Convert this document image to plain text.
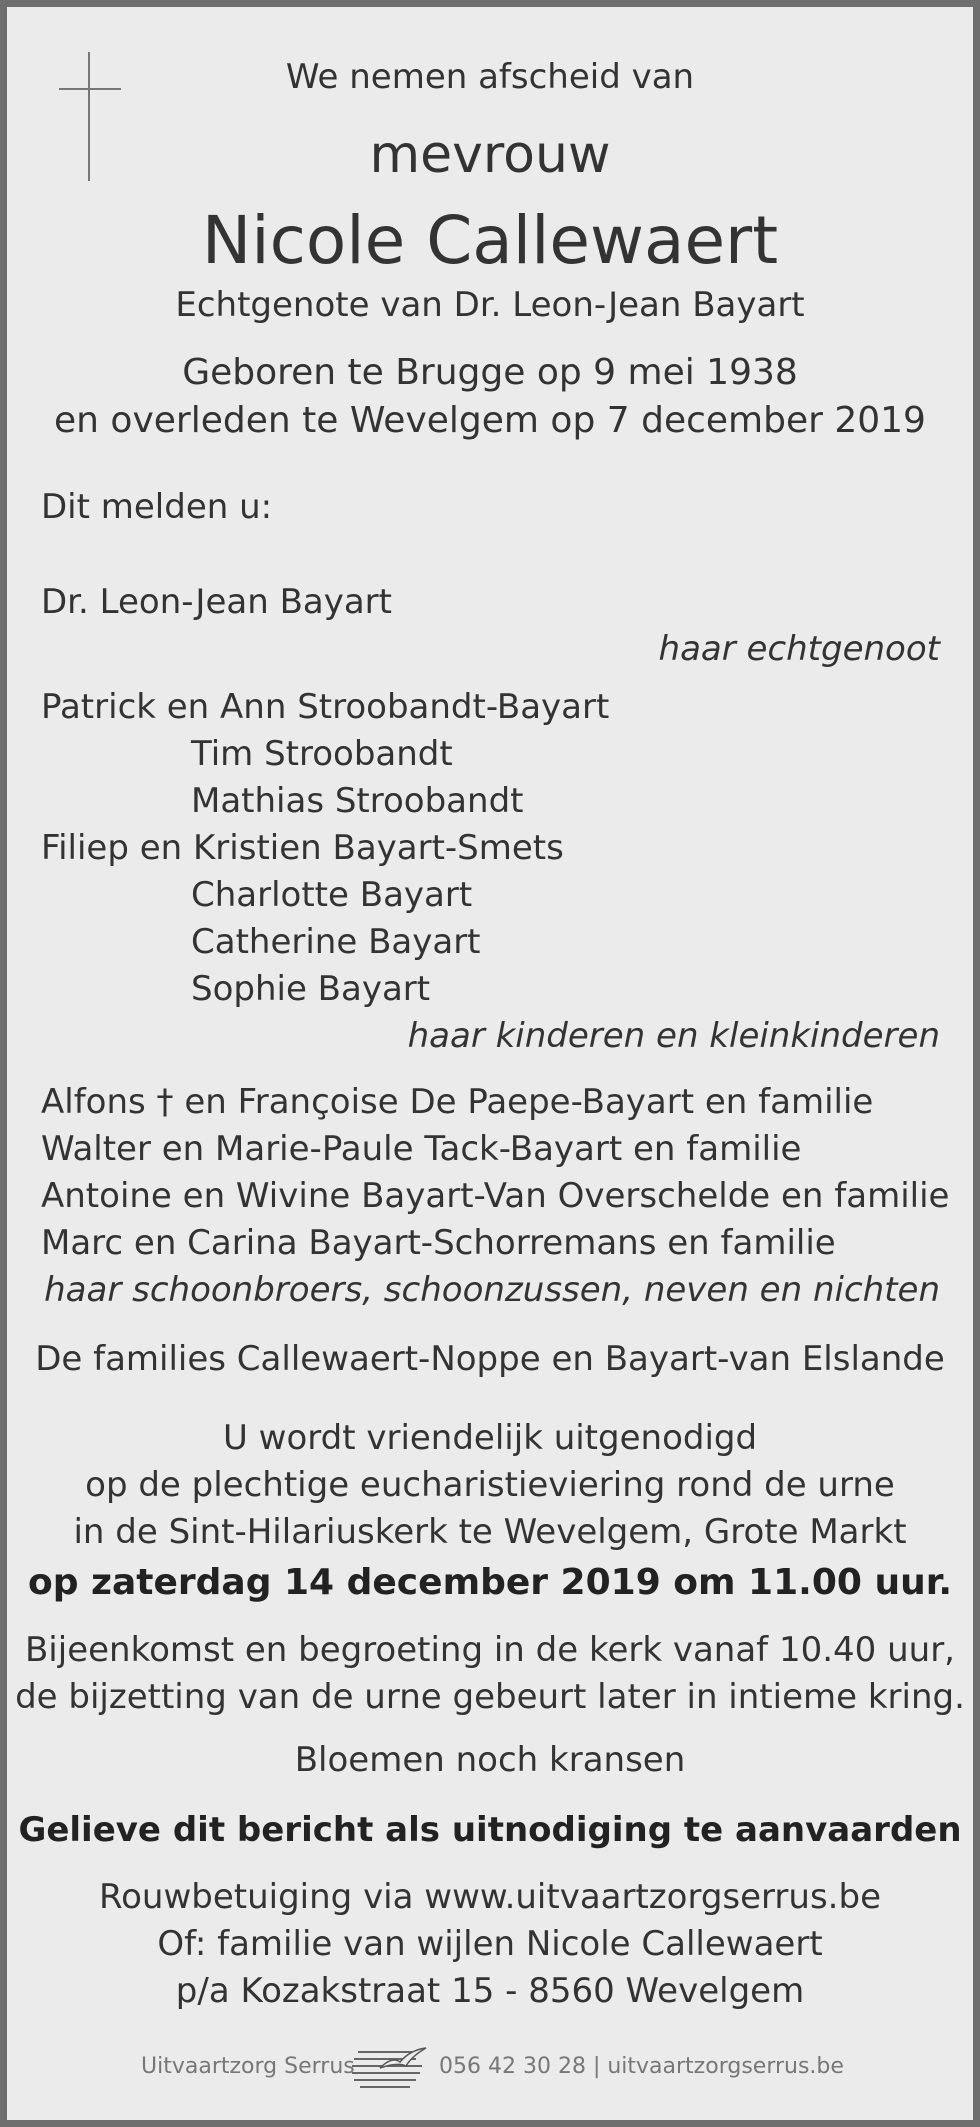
We nemen afscheid van
mevrouw
Nicole Callewaert
Echtgenote van Dr. Leon-Jean Bayart
Geboren te Brugge op 9 mei 1938
en overleden te Wevelgem op 7 december 2019
Dit melden u:
Dr. Leon-Jean Bayart
haar echtgenoot
Patrick en Ann Stroobandt-Bayart
Tim Stroobandt
Mathias Stroobandt
Filiep en Kristien Bayart-Smets
Charlotte Bayart
Catherine Bayart
Sophie Bayart
haar kinderen en kleinkinderen
Alfons † en Françoise De Paepe-Bayart en familie
Walter en Marie-Paule Tack-Bayart en familie
Antoine en Wivine Bayart-Van Overschelde en familie
Marc en Carina Bayart-Schorremans en familie
haar schoonbroers, schoonzussen, neven en nichten
De families Callewaert-Noppe en Bayart-van Elslande
U wordt vriendelijk uitgenodigd
op de plechtige eucharistieviering rond de urne
in de Sint-Hilariuskerk te Wevelgem, Grote Markt
op zaterdag 14 december 2019 om 11.00 uur.
Bijeenkomst en begroeting in de kerk vanaf 10.40 uur,
de bijzetting van de urne gebeurt later in intieme kring.
Bloemen noch kransen
Gelieve dit bericht als uitnodiging te aanvaarden
Rouwbetuiging via www.uitvaartzorgserrus.be
Of: familie van wijlen Nicole Callewaert
p/a Kozakstraat 15 - 8560 Wevelgem
Uitvaartzorg Serrus	056 42 30 28 | uitvaartzorgserrus.be
